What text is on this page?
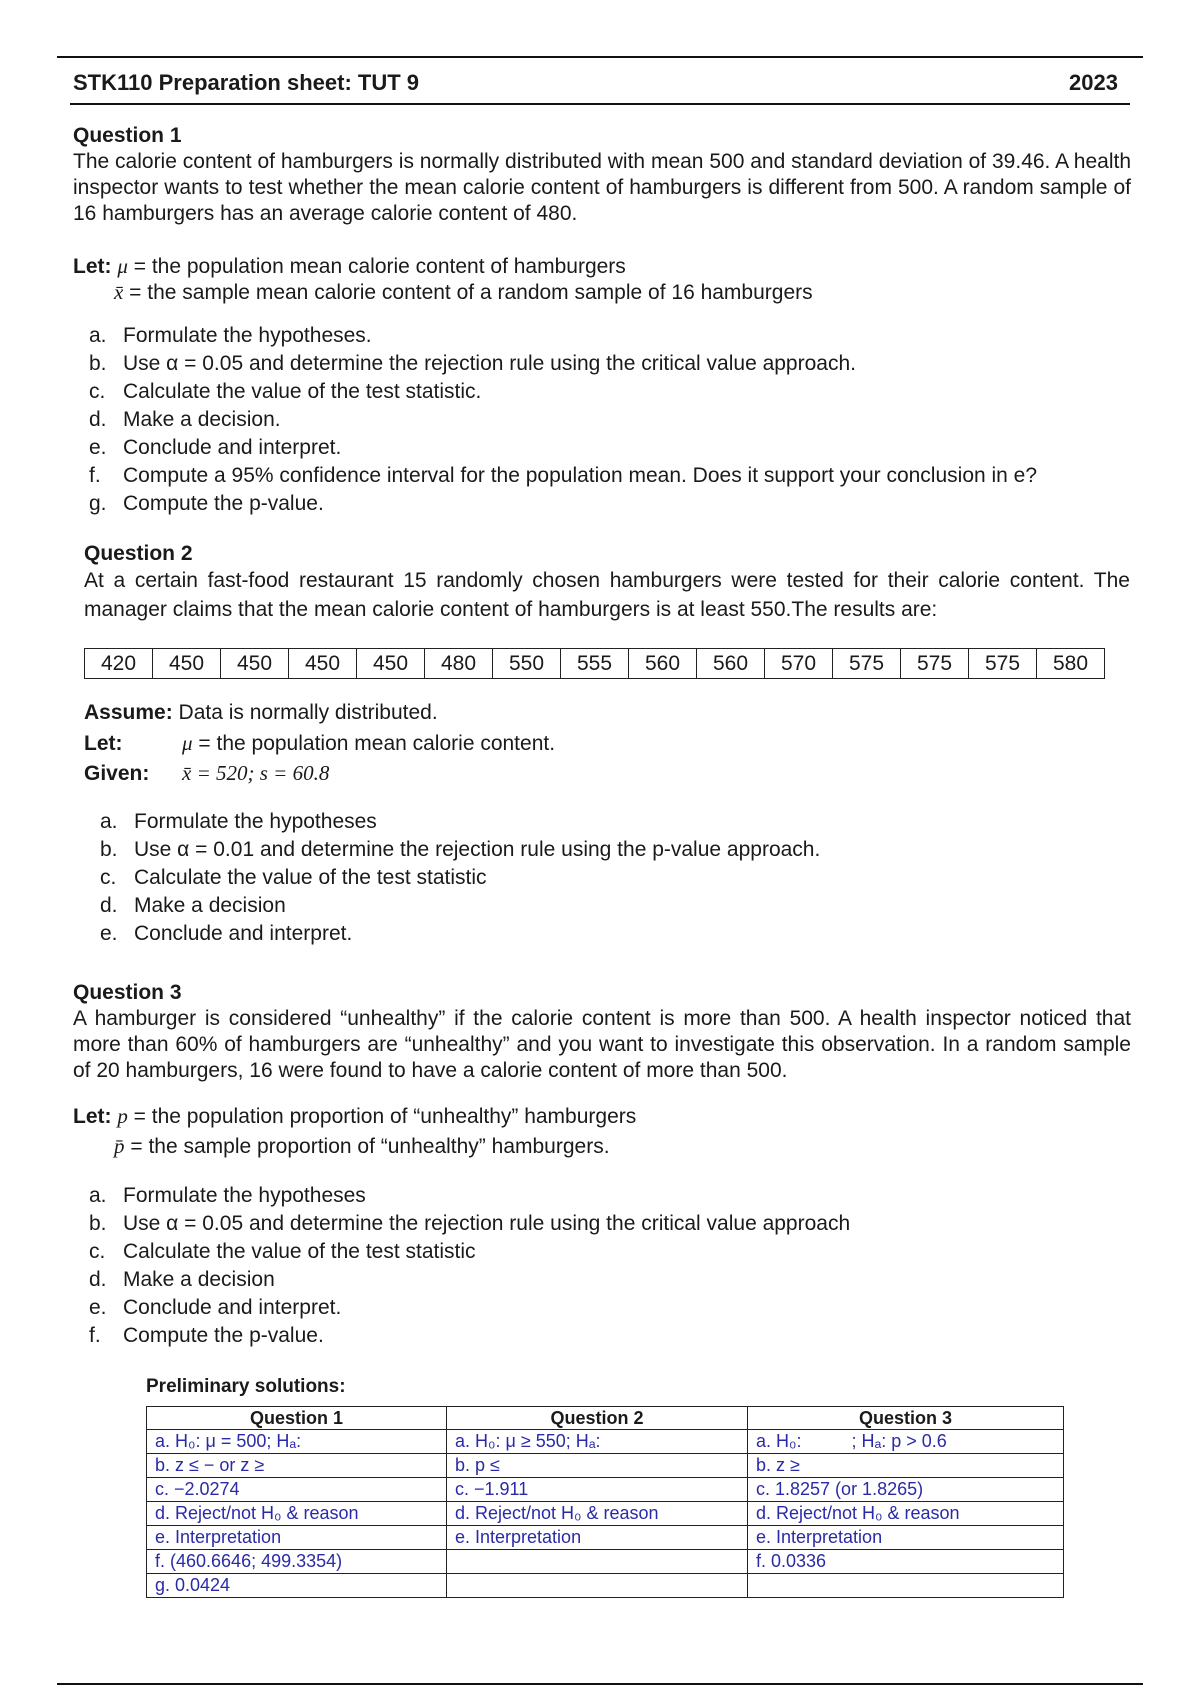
STK110 Preparation sheet: TUT 9	2023
Question 1
The calorie content of hamburgers is normally distributed with mean 500 and standard deviation of 39.46. A health inspector wants to test whether the mean calorie content of hamburgers is different from 500. A random sample of 16 hamburgers has an average calorie content of 480.
Let: μ = the population mean calorie content of hamburgers
x̄ = the sample mean calorie content of a random sample of 16 hamburgers
a. Formulate the hypotheses.
b. Use α = 0.05 and determine the rejection rule using the critical value approach.
c. Calculate the value of the test statistic.
d. Make a decision.
e. Conclude and interpret.
f. Compute a 95% confidence interval for the population mean. Does it support your conclusion in e?
g. Compute the p-value.
Question 2
At a certain fast-food restaurant 15 randomly chosen hamburgers were tested for their calorie content. The manager claims that the mean calorie content of hamburgers is at least 550.The results are:
420	450	450	450	450	480	550	555	560	560	570	575	575	575	580
Assume: Data is normally distributed.
Let:	μ = the population mean calorie content.
Given: x̄ = 520; s = 60.8
a. Formulate the hypotheses
b. Use α = 0.01 and determine the rejection rule using the p-value approach.
c. Calculate the value of the test statistic
d. Make a decision
e. Conclude and interpret.
Question 3
A hamburger is considered “unhealthy” if the calorie content is more than 500. A health inspector noticed that more than 60% of hamburgers are “unhealthy” and you want to investigate this observation. In a random sample of 20 hamburgers, 16 were found to have a calorie content of more than 500.
Let: p = the population proportion of “unhealthy” hamburgers
p̄ = the sample proportion of “unhealthy” hamburgers.
a. Formulate the hypotheses
b. Use α = 0.05 and determine the rejection rule using the critical value approach
c. Calculate the value of the test statistic
d. Make a decision
e. Conclude and interpret.
f. Compute the p-value.
Preliminary solutions:
Question 1	Question 2	Question 3
a. H₀: μ = 500; Hₐ:	a. H₀: μ ≥ 550; Hₐ:	a. H₀:          ; Hₐ: p > 0.6
b. z ≤ − or z ≥	b. p ≤	b. z ≥
c. −2.0274	c. −1.911	c. 1.8257 (or 1.8265)
d. Reject/not H₀ & reason	d. Reject/not H₀ & reason	d. Reject/not H₀ & reason
e. Interpretation	e. Interpretation	e. Interpretation
f. (460.6646; 499.3354)		f. 0.0336
g. 0.0424		
